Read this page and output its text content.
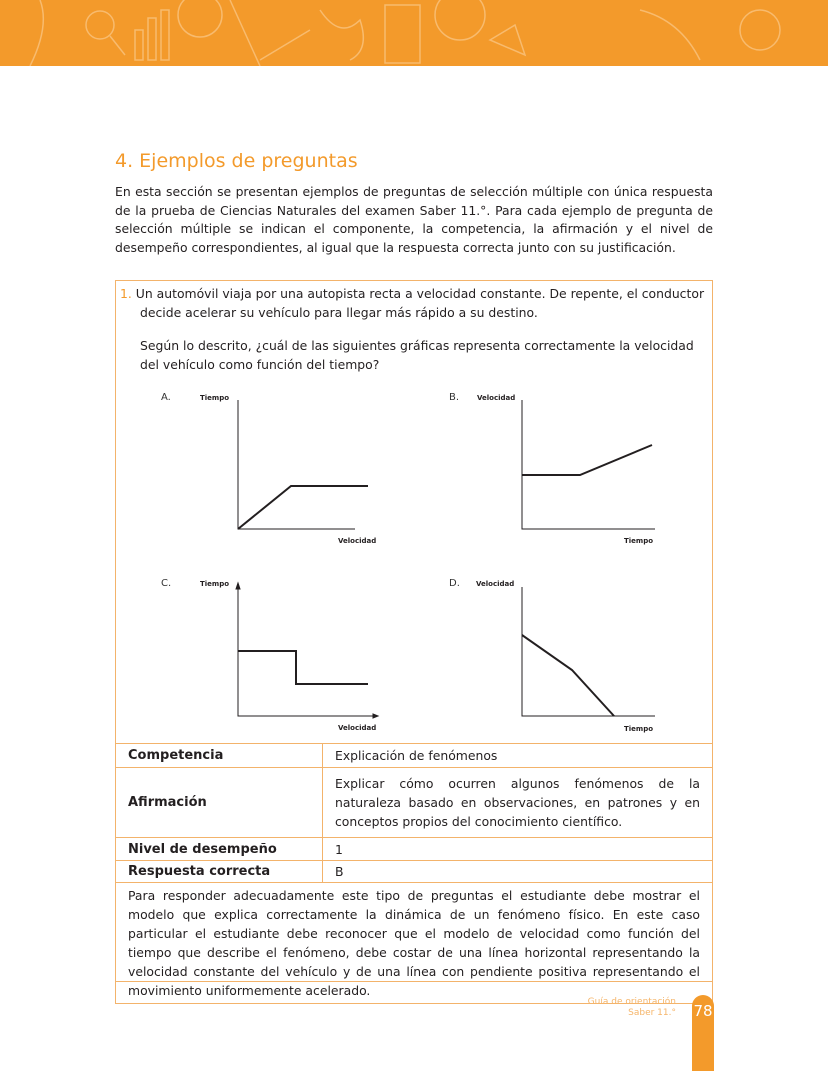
4. Ejemplos de preguntas

En esta sección se presentan ejemplos de preguntas de selección múltiple con única respuesta de la prueba de Ciencias Naturales del examen Saber 11.°. Para cada ejemplo de pregunta de selección múltiple se indican el componente, la competencia, la afirmación y el nivel de desempeño correspondientes, al igual que la respuesta correcta junto con su justificación.

1. Un automóvil viaja por una autopista recta a velocidad constante. De repente, el conductor decide acelerar su vehículo para llegar más rápido a su destino.

Según lo descrito, ¿cuál de las siguientes gráficas representa correctamente la velocidad del vehículo como función del tiempo?

A.	Tiempo
Velocidad
B.	Velocidad
Tiempo
C.	Tiempo
Velocidad
D. Velocidad
Tiempo
Competencia	Explicación de fenómenos
Afirmación	Explicar cómo ocurren algunos fenómenos de la naturaleza basado en observaciones, en patrones y en conceptos propios del conocimiento científico.
Nivel de desempeño	1
Respuesta correcta	B
Para responder adecuadamente este tipo de preguntas el estudiante debe mostrar el modelo que explica correctamente la dinámica de un fenómeno físico. En este caso particular el estudiante debe reconocer que el modelo de velocidad como función del tiempo que describe el fenómeno, debe costar de una línea horizontal representando la velocidad constante del vehículo y de una línea con pendiente positiva representando el movimiento uniformemente acelerado.	
Guía de orientación
Saber 11.° 78
